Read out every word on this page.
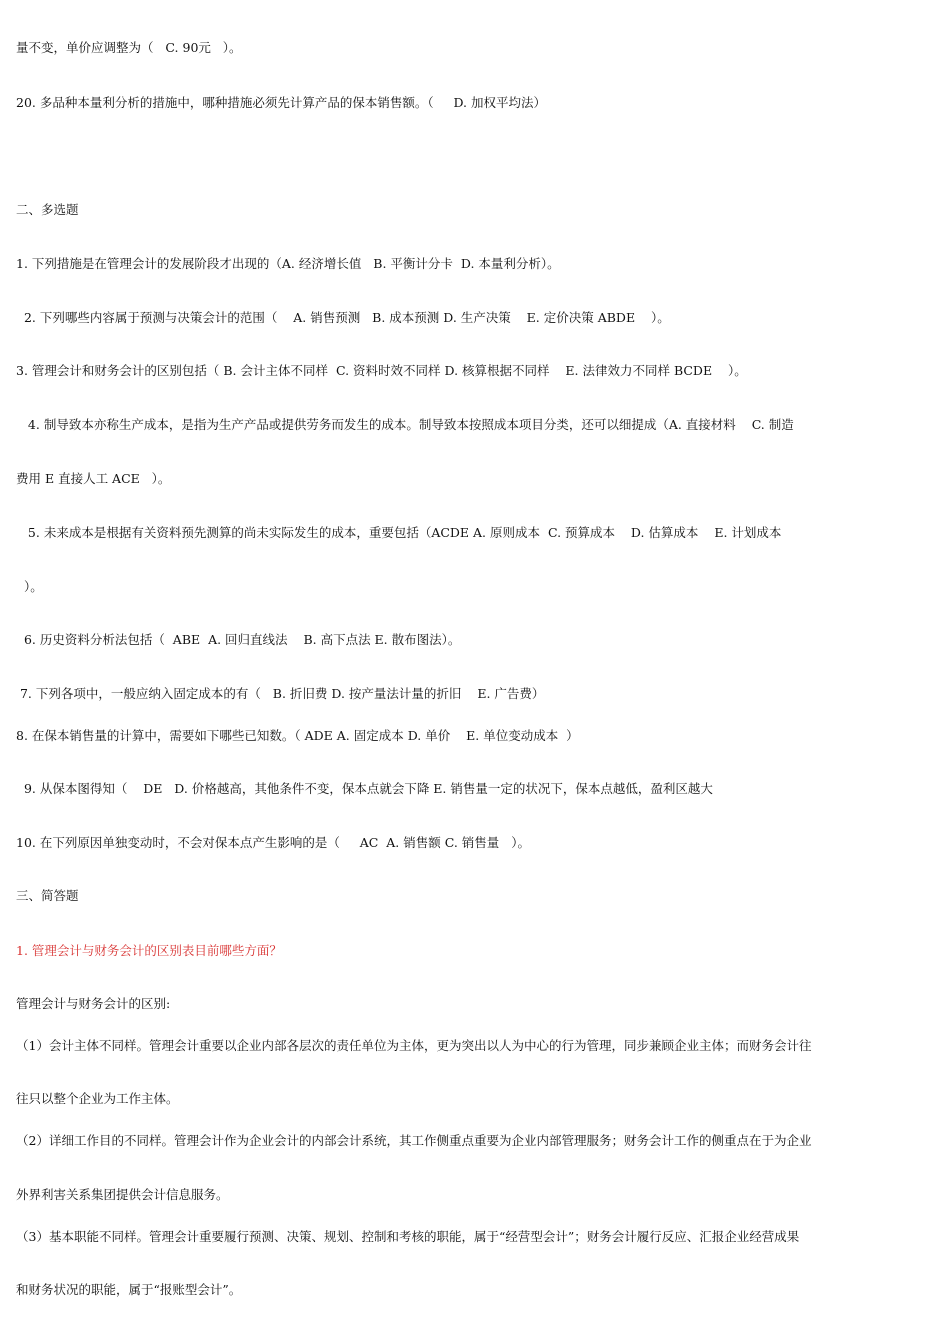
量不变，单价应调整为（   C. 90元   ）。
20. 多品种本量利分析的措施中，哪种措施必须先计算产品的保本销售额。（     D. 加权平均法）
二、多选题
1. 下列措施是在管理会计的发展阶段才出现的（A. 经济增长值   B. 平衡计分卡  D. 本量利分析）。
2. 下列哪些内容属于预测与决策会计的范围（    A. 销售预测   B. 成本预测 D. 生产决策    E. 定价决策 ABDE    ）。
3. 管理会计和财务会计的区别包括（ B. 会计主体不同样  C. 资料时效不同样 D. 核算根据不同样    E. 法律效力不同样 BCDE    ）。
4. 制导致本亦称生产成本，是指为生产产品或提供劳务而发生的成本。制导致本按照成本项目分类，还可以细提成（A. 直接材料    C. 制造
费用 E 直接人工 ACE   ）。
5. 未来成本是根据有关资料预先测算的尚未实际发生的成本，重要包括（ACDE A. 原则成本  C. 预算成本    D. 估算成本    E. 计划成本
）。
6. 历史资料分析法包括（  ABE  A. 回归直线法    B. 高下点法 E. 散布图法）。
7. 下列各项中，一般应纳入固定成本的有（   B. 折旧费 D. 按产量法计量的折旧    E. 广告费）
8. 在保本销售量的计算中，需要如下哪些已知数。（ ADE A. 固定成本 D. 单价    E. 单位变动成本  ）
9. 从保本图得知（    DE   D. 价格越高，其他条件不变，保本点就会下降 E. 销售量一定的状况下，保本点越低，盈利区越大
10. 在下列原因单独变动时，不会对保本点产生影响的是（     AC  A. 销售额 C. 销售量   ）。
三、简答题
1. 管理会计与财务会计的区别表目前哪些方面？
管理会计与财务会计的区别:
（1）会计主体不同样。管理会计重要以企业内部各层次的责任单位为主体，更为突出以人为中心的行为管理，同步兼顾企业主体；而财务会计往
往只以整个企业为工作主体。
（2）详细工作目的不同样。管理会计作为企业会计的内部会计系统，其工作侧重点重要为企业内部管理服务；财务会计工作的侧重点在于为企业
外界利害关系集团提供会计信息服务。
（3）基本职能不同样。管理会计重要履行预测、决策、规划、控制和考核的职能，属于“经营型会计”；财务会计履行反应、汇报企业经营成果
和财务状况的职能，属于“报账型会计”。
